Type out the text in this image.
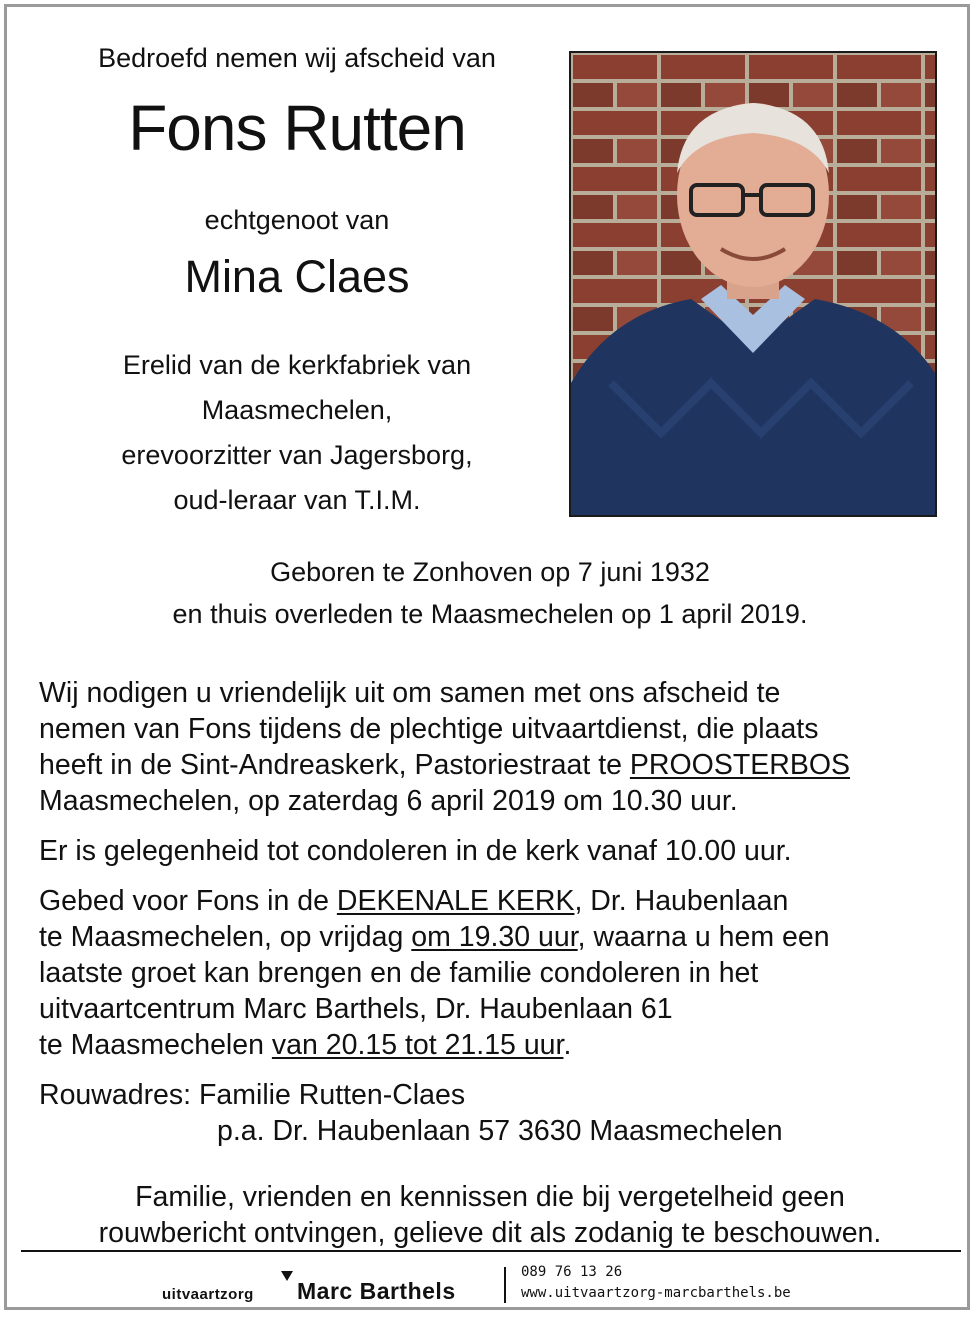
Bedroefd nemen wij afscheid van
Fons Rutten
echtgenoot van
Mina Claes
Erelid van de kerkfabriek van
Maasmechelen,
erevoorzitter van Jagersborg,
oud-leraar van T.I.M.
Geboren te Zonhoven op 7 juni 1932
en thuis overleden te Maasmechelen op 1 april 2019.

Wij nodigen u vriendelijk uit om samen met ons afscheid te
nemen van Fons tijdens de plechtige uitvaartdienst, die plaats
heeft in de Sint-Andreaskerk, Pastoriestraat te PROOSTERBOS
Maasmechelen, op zaterdag 6 april 2019 om 10.30 uur.

Er is gelegenheid tot condoleren in de kerk vanaf 10.00 uur.

Gebed voor Fons in de DEKENALE KERK, Dr. Haubenlaan
te Maasmechelen, op vrijdag om 19.30 uur, waarna u hem een
laatste groet kan brengen en de familie condoleren in het
uitvaartcentrum Marc Barthels, Dr. Haubenlaan 61
te Maasmechelen van 20.15 tot 21.15 uur.

Rouwadres: Familie Rutten-Claes
p.a. Dr. Haubenlaan 57 3630 Maasmechelen

Familie, vrienden en kennissen die bij vergetelheid geen
rouwbericht ontvingen, gelieve dit als zodanig te beschouwen.
uitvaartzorg Marc Barthels
089 76 13 26
www.uitvaartzorg-marcbarthels.be
